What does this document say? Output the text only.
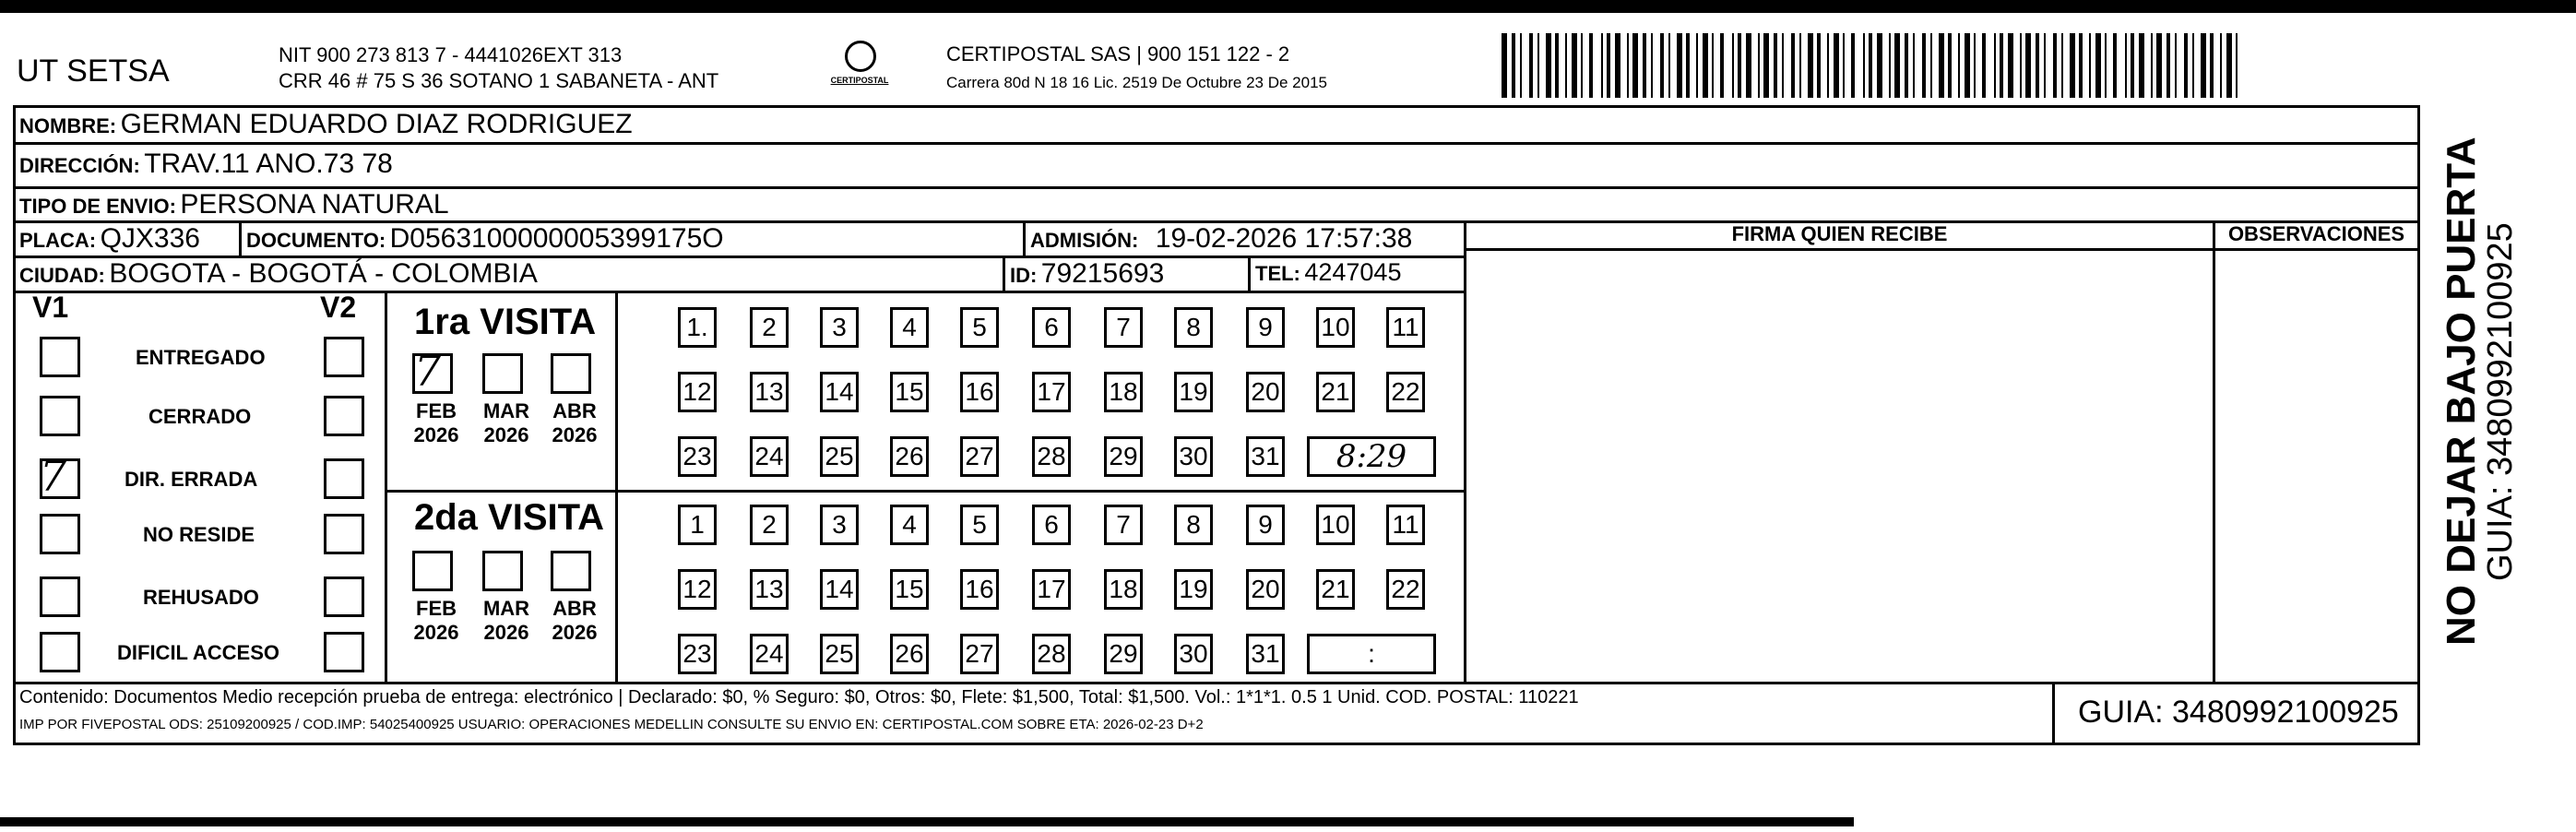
UT SETSA	NIT 900 273 813 7 - 4441026EXT 313
CRR 46 # 75 S 36 SOTANO 1 SABANETA - ANT	CERTIPOSTAL
CERTIPOSTAL SAS | 900 151 122 - 2
Carrera 80d N 18 16 Lic. 2519 De Octubre 23 De 2015
NOMBRE: GERMAN EDUARDO DIAZ RODRIGUEZ
DIRECCIÓN: TRAV.11 ANO.73 78
TIPO DE ENVIO: PERSONA NATURAL
FIRMA QUIEN RECIBE	OBSERVACIONES
PLACA: QJX336 DOCUMENTO: D0563100000005399175O	ADMISIÓN: 19-02-2026 17:57:38
CIUDAD: BOGOTA - BOGOTÁ - COLOMBIA	ID: 79215693	TEL: 4247045
V1	V2
ENTREGADO
CERRADO
DIR. ERRADA
7
NO RESIDE
REHUSADO
DIFICIL ACCESO
1ra VISITA
FEB
2026
MAR
2026
ABR
2026
7
1.	2	3	4	5	6	7	8	9	10 11
12 13 14 15 16 17 18 19 20 21 22
23 24 25 26 27 28 29 30 31	8:29
2da VISITA
FEB
2026
MAR
2026
ABR
2026
1	2	3	4	5	6	7	8	9	10 11
12 13 14 15 16 17 18 19 20 21 22
23 24 25 26 27 28 29 30 31	:
Contenido: Documentos Medio recepción prueba de entrega: electrónico | Declarado: $0, % Seguro: $0, Otros: $0, Flete: $1,500, Total: $1,500. Vol.: 1*1*1. 0.5 1 Unid. COD. POSTAL: 110221
IMP POR FIVEPOSTAL ODS: 25109200925 / COD.IMP: 54025400925 USUARIO: OPERACIONES MEDELLIN CONSULTE SU ENVIO EN: CERTIPOSTAL.COM SOBRE ETA: 2026-02-23 D+2	GUIA: 3480992100925
NO DEJAR BAJO PUERTA
GUIA: 3480992100925
